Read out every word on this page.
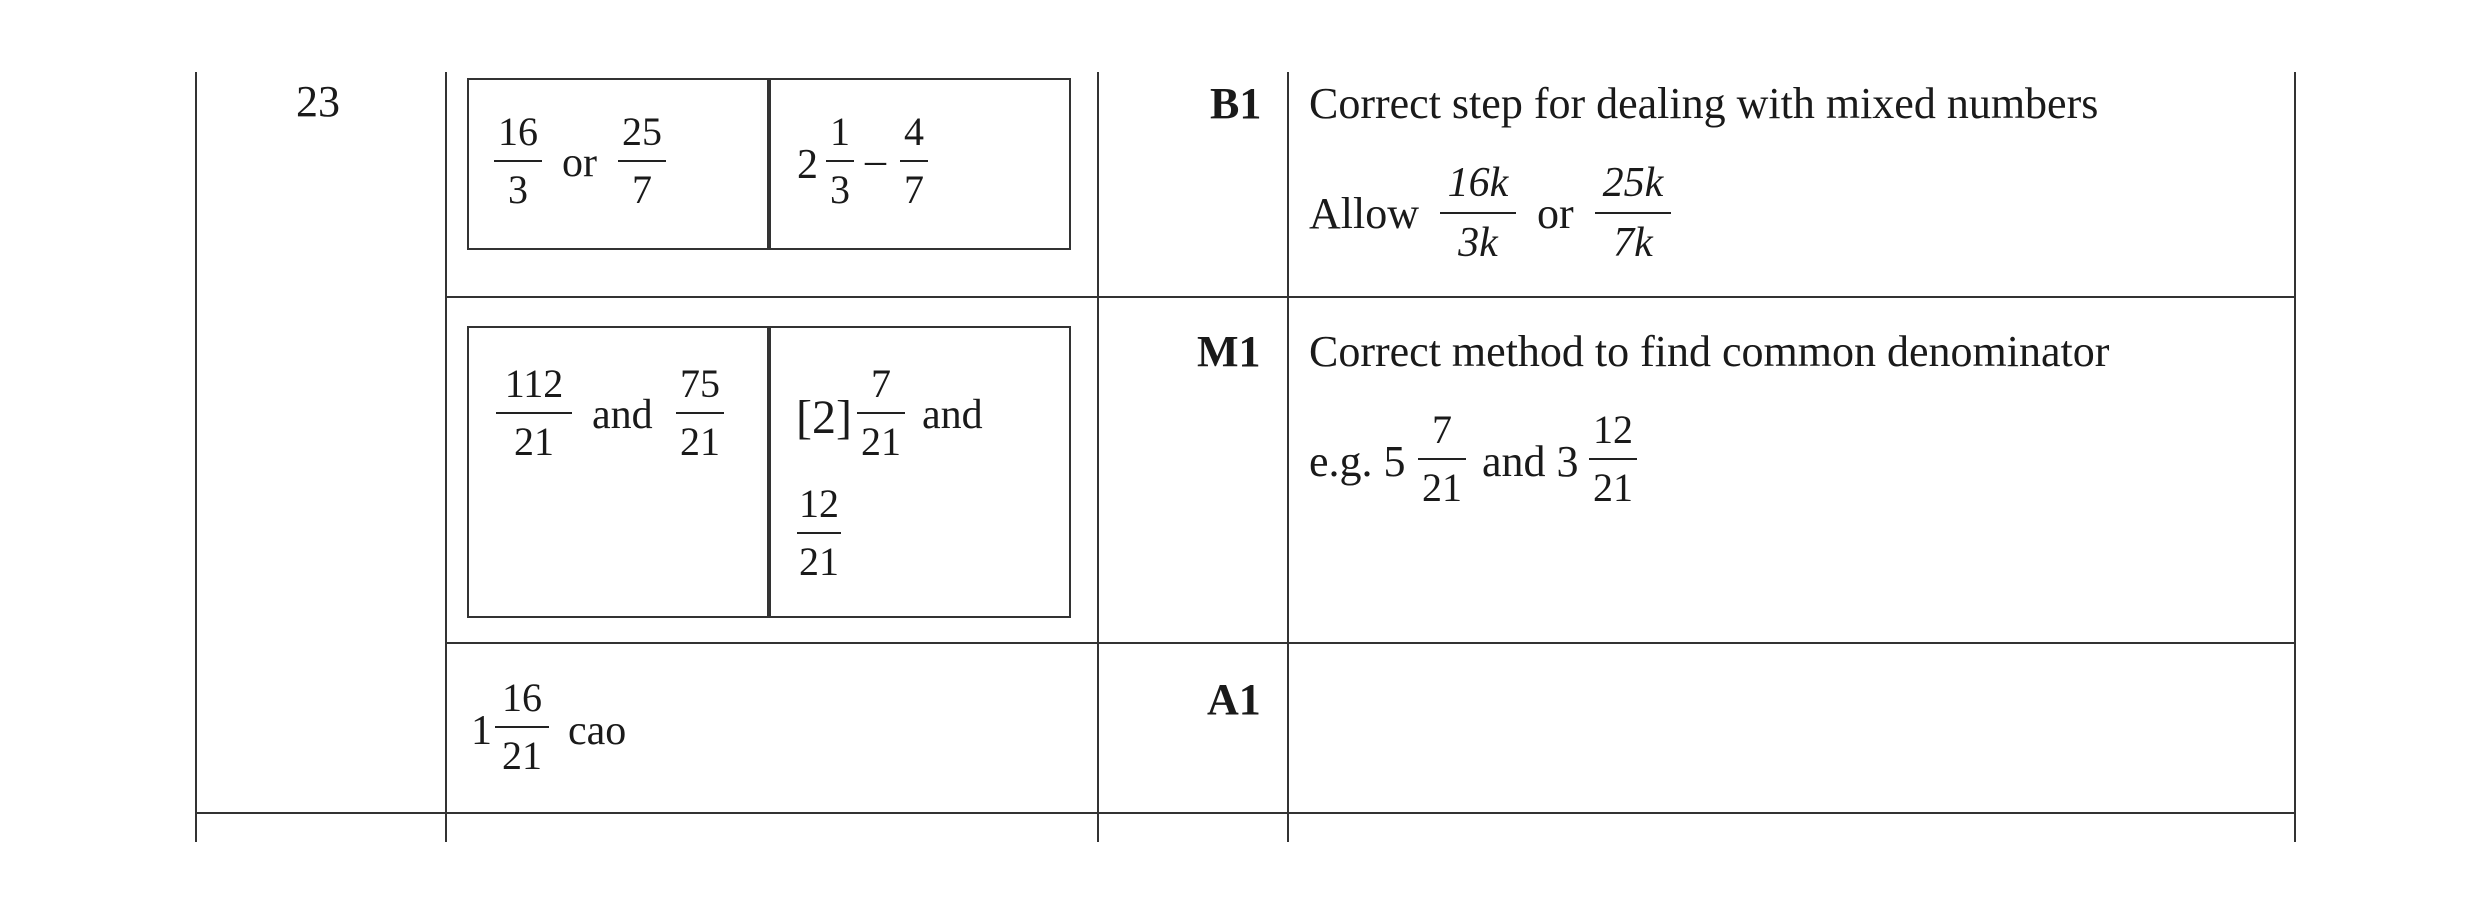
23
16
3
or
25
7
2
1
3
–
4
7
B1 Correct step for dealing with mixed numbers
Allow
16k
3k
or
25k
7k
112
21
and
75
21 [2]
7
21
and
12
21
M1 Correct method to find common denominator
e.g. 5
7
21
and 3
12
21
1
16
21
cao
A1
